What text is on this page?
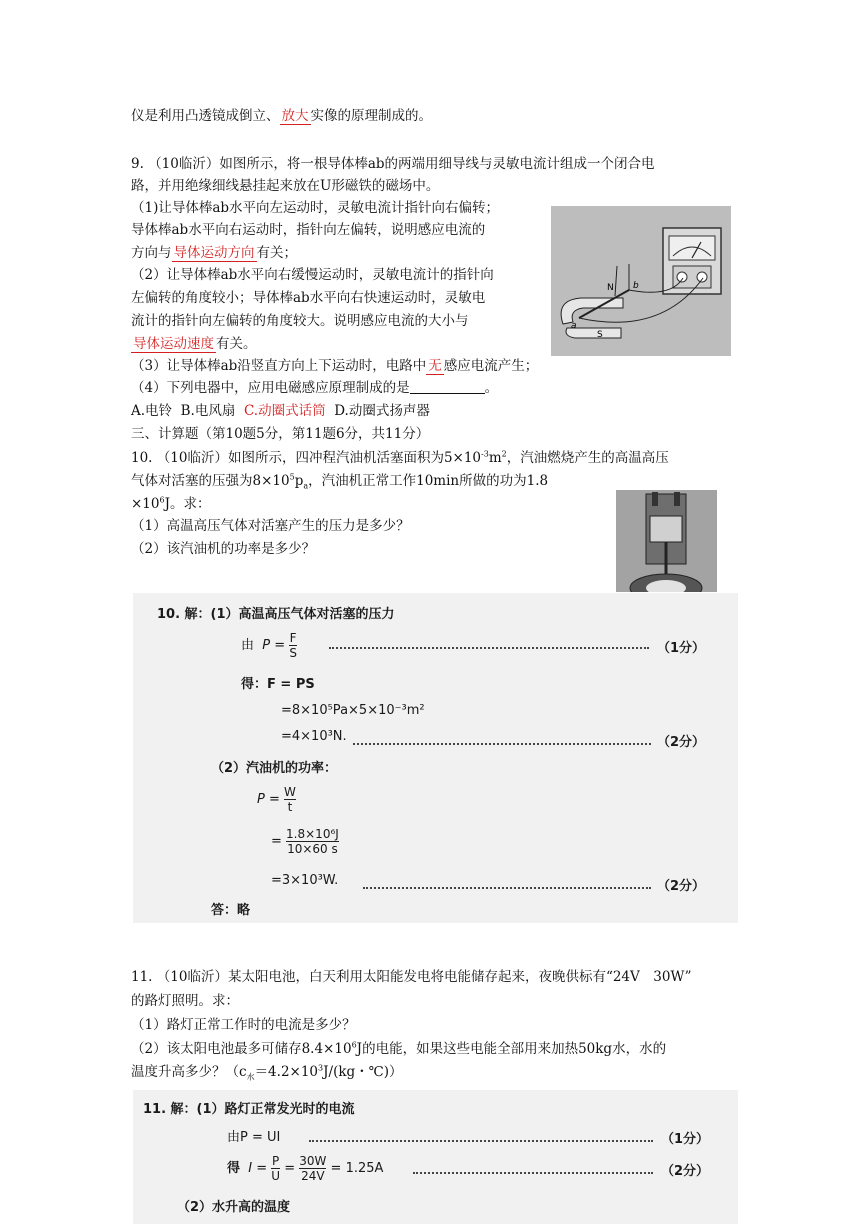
仪是利用凸透镜成倒立、 放大 实像的原理制成的。
9. （10临沂）如图所示，将一根导体棒ab的两端用细导线与灵敏电流计组成一个闭合电
路，并用绝缘细线悬挂起来放在U形磁铁的磁场中。
（1)让导体棒ab水平向左运动时，灵敏电流计指针向右偏转；
导体棒ab水平向右运动时，指针向左偏转，说明感应电流的
方向与 导体运动方向 有关；
（2）让导体棒ab水平向右缓慢运动时，灵敏电流计的指针向
左偏转的角度较小；导体棒ab水平向右快速运动时，灵敏电
流计的指针向左偏转的角度较大。说明感应电流的大小与
导体运动速度 有关。
（3）让导体棒ab沿竖直方向上下运动时，电路中 无 感应电流产生；
（4）下列电器中，应用电磁感应原理制成的是	。
A.电铃 B.电风扇 C.动圈式话筒 D.动圈式扬声器
三、计算题（第10题5分，第11题6分，共11分）
N
S
b
a
10. （10临沂）如图所示，四冲程汽油机活塞面积为$5\times 10^{-3}m^2$，汽油燃烧产生的高温高压
气体对活塞的压强为$8\times 10^5p_a$，汽油机正常工作10min所做的功为1.8
$\times 10^6J$。求：
（1）高温高压气体对活塞产生的压力是多少？
（2）该汽油机的功率是多少？
10. 解：(1）高温高压气体对活塞的压力
由 $P = \frac{F}{S}$	（1分）
得：F = PS
=8×10⁵Pa×5×10⁻³m²
=4×10³N.	（2分）
（2）汽油机的功率：
$P = \frac{W}{t}$
= $\frac{\text{1.8×10⁶J}}{10\times 60 s}$
=3×10³W.	（2分）
答：略
11. （10临沂）某太阳电池，白天利用太阳能发电将电能储存起来，夜晚供标有“24V　30W”
的路灯照明。求：
（1）路灯正常工作时的电流是多少？
（2）该太阳电池最多可储存$8.4\times 10^6J$的电能，如果这些电能全部用来加热50kg水，水的
温度升高多少？（$c_水=4.2\times 10^3J/(kg$・℃)）
11. 解：(1）路灯正常发光时的电流
由P = UI	（1分）
得 $I = \frac{P}{U} = \frac{30W}{24V} = 1.25A$	（2分）
（2）水升高的温度
